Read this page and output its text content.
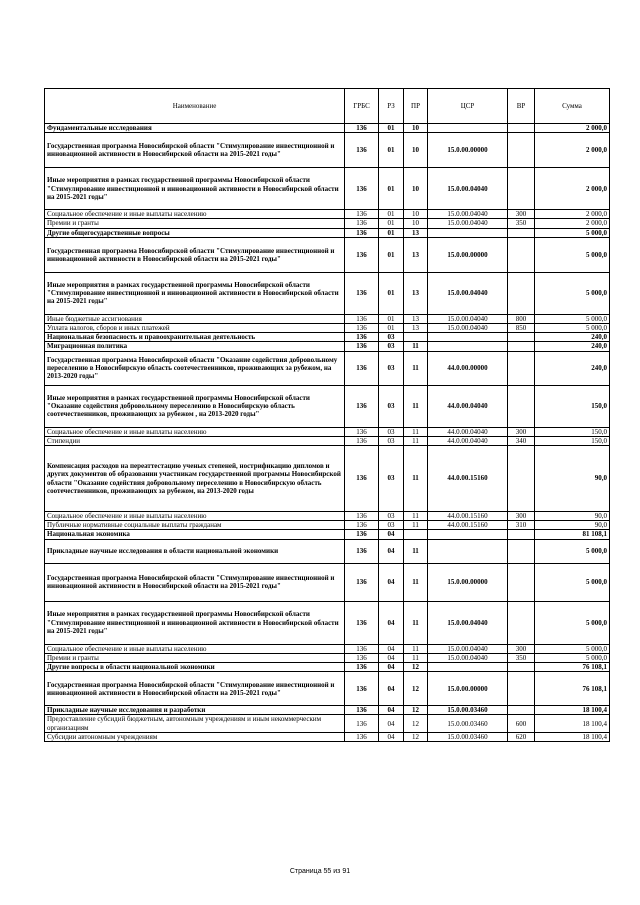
Наименование	ГРБС	РЗ	ПР	ЦСР	ВР	Сумма
Фундаментальные исследования	136	01	10			2 000,0
Государственная программа Новосибирской области "Стимулирование инвестиционной и инновационной активности в Новосибирской области на 2015-2021 годы"	136	01	10	15.0.00.00000		2 000,0
Иные мероприятия в рамках государственной программы Новосибирской области "Стимулирование инвестиционной и инновационной активности в Новосибирской области на 2015-2021 годы"	136	01	10	15.0.00.04040		2 000,0
Социальное обеспечение и иные выплаты населению	136	01	10	15.0.00.04040	300	2 000,0
Премии и гранты	136	01	10	15.0.00.04040	350	2 000,0
Другие общегосударственные вопросы	136	01	13			5 000,0
Государственная программа Новосибирской области "Стимулирование инвестиционной и инновационной активности в Новосибирской области на 2015-2021 годы"	136	01	13	15.0.00.00000		5 000,0
Иные мероприятия в рамках государственной программы Новосибирской области "Стимулирование инвестиционной и инновационной активности в Новосибирской области на 2015-2021 годы"	136	01	13	15.0.00.04040		5 000,0
Иные бюджетные ассигнования	136	01	13	15.0.00.04040	800	5 000,0
Уплата налогов, сборов и иных платежей	136	01	13	15.0.00.04040	850	5 000,0
Национальная безопасность и правоохранительная деятельность	136	03				240,0
Миграционная политика	136	03	11			240,0
Государственная программа Новосибирской области "Оказание содействия добровольному переселению в Новосибирскую область соотечественников, проживающих за рубежом, на 2013-2020 годы"	136	03	11	44.0.00.00000		240,0
Иные мероприятия в рамках государственной программы Новосибирской области "Оказание содействия добровольному переселению в Новосибирскую область соотечественников, проживающих за рубежом , на 2013-2020 годы"	136	03	11	44.0.00.04040		150,0
Социальное обеспечение и иные выплаты населению	136	03	11	44.0.00.04040	300	150,0
Стипендии	136	03	11	44.0.00.04040	340	150,0
Компенсация расходов на переаттестацию ученых степеней, нострификацию дипломов и других документов об образовании участникам государственной программы Новосибирской области "Оказание содействия добровольному переселению в Новосибирскую область соотечественников, проживающих за рубежом, на 2013-2020 годы	136	03	11	44.0.00.15160		90,0
Социальное обеспечение и иные выплаты населению	136	03	11	44.0.00.15160	300	90,0
Публичные нормативные социальные выплаты гражданам	136	03	11	44.0.00.15160	310	90,0
Национальная экономика	136	04				81 108,1
Прикладные научные исследования в области национальной экономики	136	04	11			5 000,0
Государственная программа Новосибирской области "Стимулирование инвестиционной и инновационной активности в Новосибирской области на 2015-2021 годы"	136	04	11	15.0.00.00000		5 000,0
Иные мероприятия в рамках государственной программы Новосибирской области "Стимулирование инвестиционной и инновационной активности в Новосибирской области на 2015-2021 годы"	136	04	11	15.0.00.04040		5 000,0
Социальное обеспечение и иные выплаты населению	136	04	11	15.0.00.04040	300	5 000,0
Премии и гранты	136	04	11	15.0.00.04040	350	5 000,0
Другие вопросы в области национальной экономики	136	04	12			76 108,1
Государственная программа Новосибирской области "Стимулирование инвестиционной и инновационной активности в Новосибирской области на 2015-2021 годы"	136	04	12	15.0.00.00000		76 108,1
Прикладные научные исследования и разработки	136	04	12	15.0.00.03460		18 100,4
Предоставление субсидий бюджетным, автономным учреждениям и иным некоммерческим организациям	136	04	12	15.0.00.03460	600	18 100,4
Субсидии автономным учреждениям	136	04	12	15.0.00.03460	620	18 100,4
Страница 55 из 91
